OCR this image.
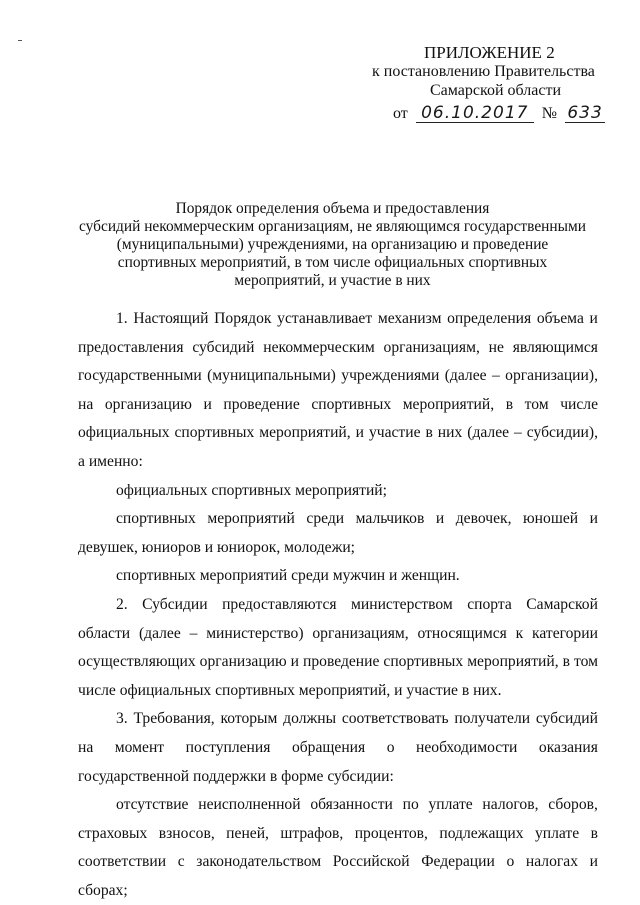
ПРИЛОЖЕНИЕ 2
к постановлению Правительства
Самарской области
от 06.10.2017 № 633
Порядок определения объема и предоставления
субсидий некоммерческим организациям, не являющимся государственными
(муниципальными) учреждениями, на организацию и проведение
спортивных мероприятий, в том числе официальных спортивных
мероприятий, и участие в них
1. Настоящий Порядок устанавливает механизм определения объема и
предоставления субсидий некоммерческим организациям, не являющимся
государственными (муниципальными) учреждениями (далее – организации),
на организацию и проведение спортивных мероприятий, в том числе
официальных спортивных мероприятий, и участие в них (далее – субсидии),
а именно:
официальных спортивных мероприятий;
спортивных мероприятий среди мальчиков и девочек, юношей и
девушек, юниоров и юниорок, молодежи;
спортивных мероприятий среди мужчин и женщин.
2. Субсидии предоставляются министерством спорта Самарской
области (далее – министерство) организациям, относящимся к категории
осуществляющих организацию и проведение спортивных мероприятий, в том
числе официальных спортивных мероприятий, и участие в них.
3. Требования, которым должны соответствовать получатели субсидий
на момент поступления обращения о необходимости оказания
государственной поддержки в форме субсидии:
отсутствие неисполненной обязанности по уплате налогов, сборов,
страховых взносов, пеней, штрафов, процентов, подлежащих уплате в
соответствии с законодательством Российской Федерации о налогах и
сборах;
